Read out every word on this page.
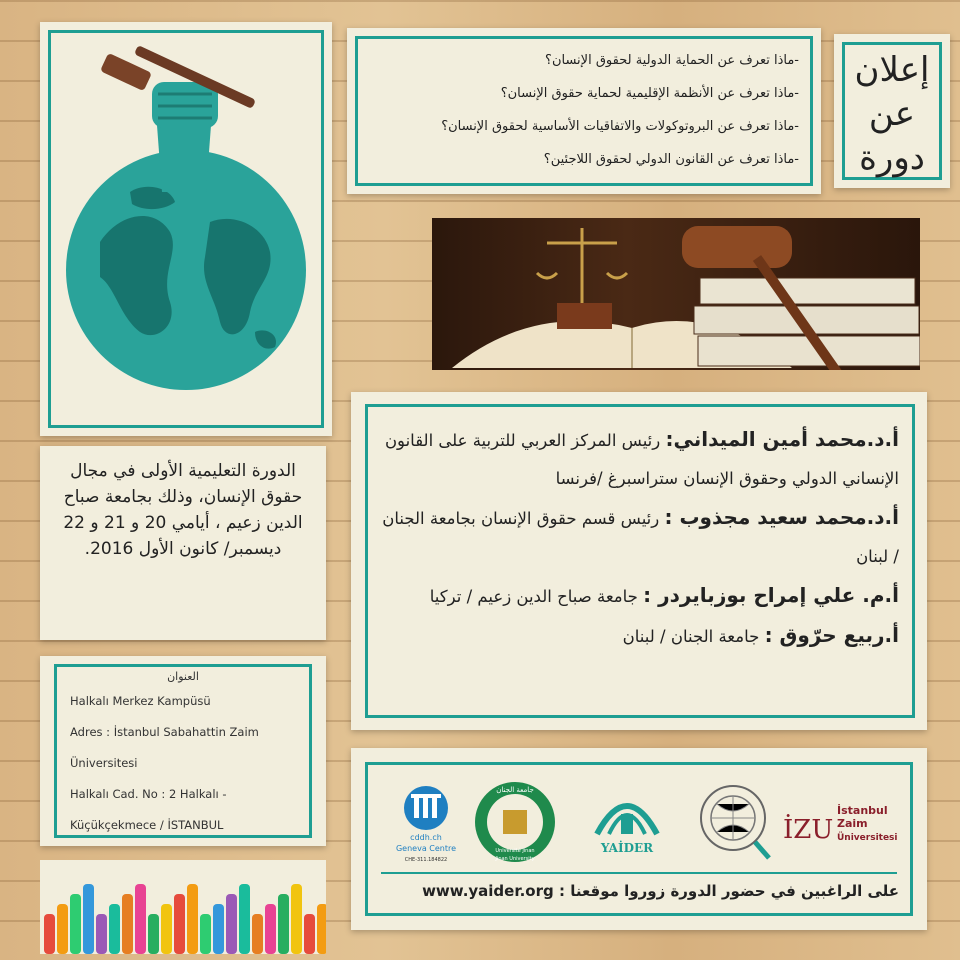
إعلان
عن
دورة
-ماذا تعرف عن الحماية الدولية لحقوق الإنسان؟
-ماذا تعرف عن الأنظمة الإقليمية لحماية حقوق الإنسان؟
-ماذا تعرف عن البروتوكولات والاتفاقيات الأساسية لحقوق الإنسان؟
-ماذا تعرف عن القانون الدولي لحقوق اللاجئين؟

أ.د.محمد أمين الميداني: رئيس المركز العربي للتربية على القانون الإنساني الدولي وحقوق الإنسان ستراسبرغ /فرنسا

أ.د.محمد سعيد مجذوب : رئيس قسم حقوق الإنسان بجامعة الجنان / لبنان

أ.م. علي إمراح بوزبايردر : جامعة صباح الدين زعيم / تركيا

أ.ربيع حرّوق : جامعة الجنان / لبنان

الدورة التعليمية الأولى في مجال حقوق الإنسان، وذلك بجامعة صباح الدين زعيم ، أيامي 20 و 21 و 22 ديسمبر/ كانون الأول 2016.
العنوان
Halkalı Merkez Kampüsü
Adres : İstanbul Sabahattin Zaim
Üniversitesi
Halkalı Cad. No : 2 Halkalı -
Küçükçekmece / İSTANBUL
cddh.ch
Geneva Centre
CHE-311.184822
جامعة الجنان
Jinan University
Université Jinan	YAİDER
İZU
İstanbul
Zaim
Üniversitesi
على الراغبين في حضور الدورة زوروا موقعنا : www.yaider.org
